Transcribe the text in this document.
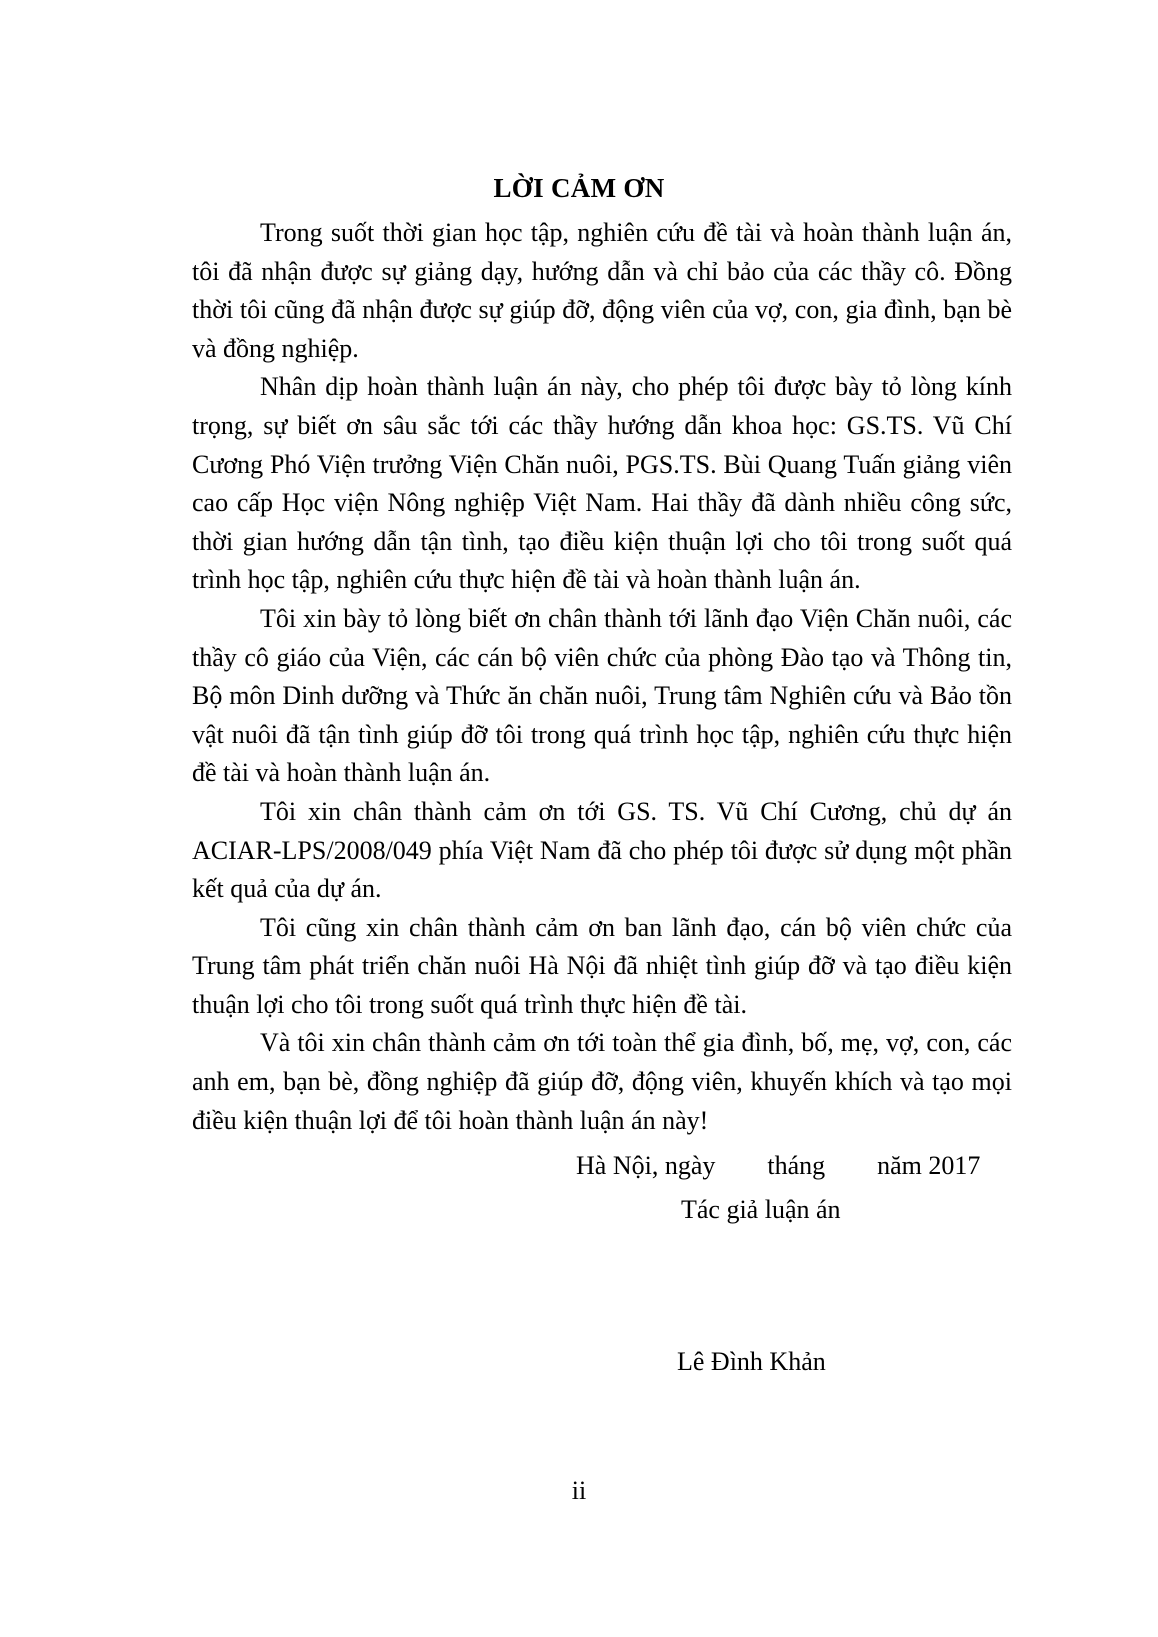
LỜI CẢM ƠN

Trong suốt thời gian học tập, nghiên cứu đề tài và hoàn thành luận án, tôi đã nhận được sự giảng dạy, hướng dẫn và chỉ bảo của các thầy cô. Đồng thời tôi cũng đã nhận được sự giúp đỡ, động viên của vợ, con, gia đình, bạn bè và đồng nghiệp.

Nhân dịp hoàn thành luận án này, cho phép tôi được bày tỏ lòng kính trọng, sự biết ơn sâu sắc tới các thầy hướng dẫn khoa học: GS.TS. Vũ Chí Cương Phó Viện trưởng Viện Chăn nuôi, PGS.TS. Bùi Quang Tuấn giảng viên cao cấp Học viện Nông nghiệp Việt Nam. Hai thầy đã dành nhiều công sức, thời gian hướng dẫn tận tình, tạo điều kiện thuận lợi cho tôi trong suốt quá trình học tập, nghiên cứu thực hiện đề tài và hoàn thành luận án.

Tôi xin bày tỏ lòng biết ơn chân thành tới lãnh đạo Viện Chăn nuôi, các thầy cô giáo của Viện, các cán bộ viên chức của phòng Đào tạo và Thông tin, Bộ môn Dinh dưỡng và Thức ăn chăn nuôi, Trung tâm Nghiên cứu và Bảo tồn vật nuôi đã tận tình giúp đỡ tôi trong quá trình học tập, nghiên cứu thực hiện đề tài và hoàn thành luận án.

Tôi xin chân thành cảm ơn tới GS. TS. Vũ Chí Cương, chủ dự án ACIAR-LPS/2008/049 phía Việt Nam đã cho phép tôi được sử dụng một phần kết quả của dự án.

Tôi cũng xin chân thành cảm ơn ban lãnh đạo, cán bộ viên chức của Trung tâm phát triển chăn nuôi Hà Nội đã nhiệt tình giúp đỡ và tạo điều kiện thuận lợi cho tôi trong suốt quá trình thực hiện đề tài.

Và tôi xin chân thành cảm ơn tới toàn thể gia đình, bố, mẹ, vợ, con, các anh em, bạn bè, đồng nghiệp đã giúp đỡ, động viên, khuyến khích và tạo mọi điều kiện thuận lợi để tôi hoàn thành luận án này!

Hà Nội, ngày        tháng        năm 2017
Tác giả luận án
Lê Đình Khản
ii
